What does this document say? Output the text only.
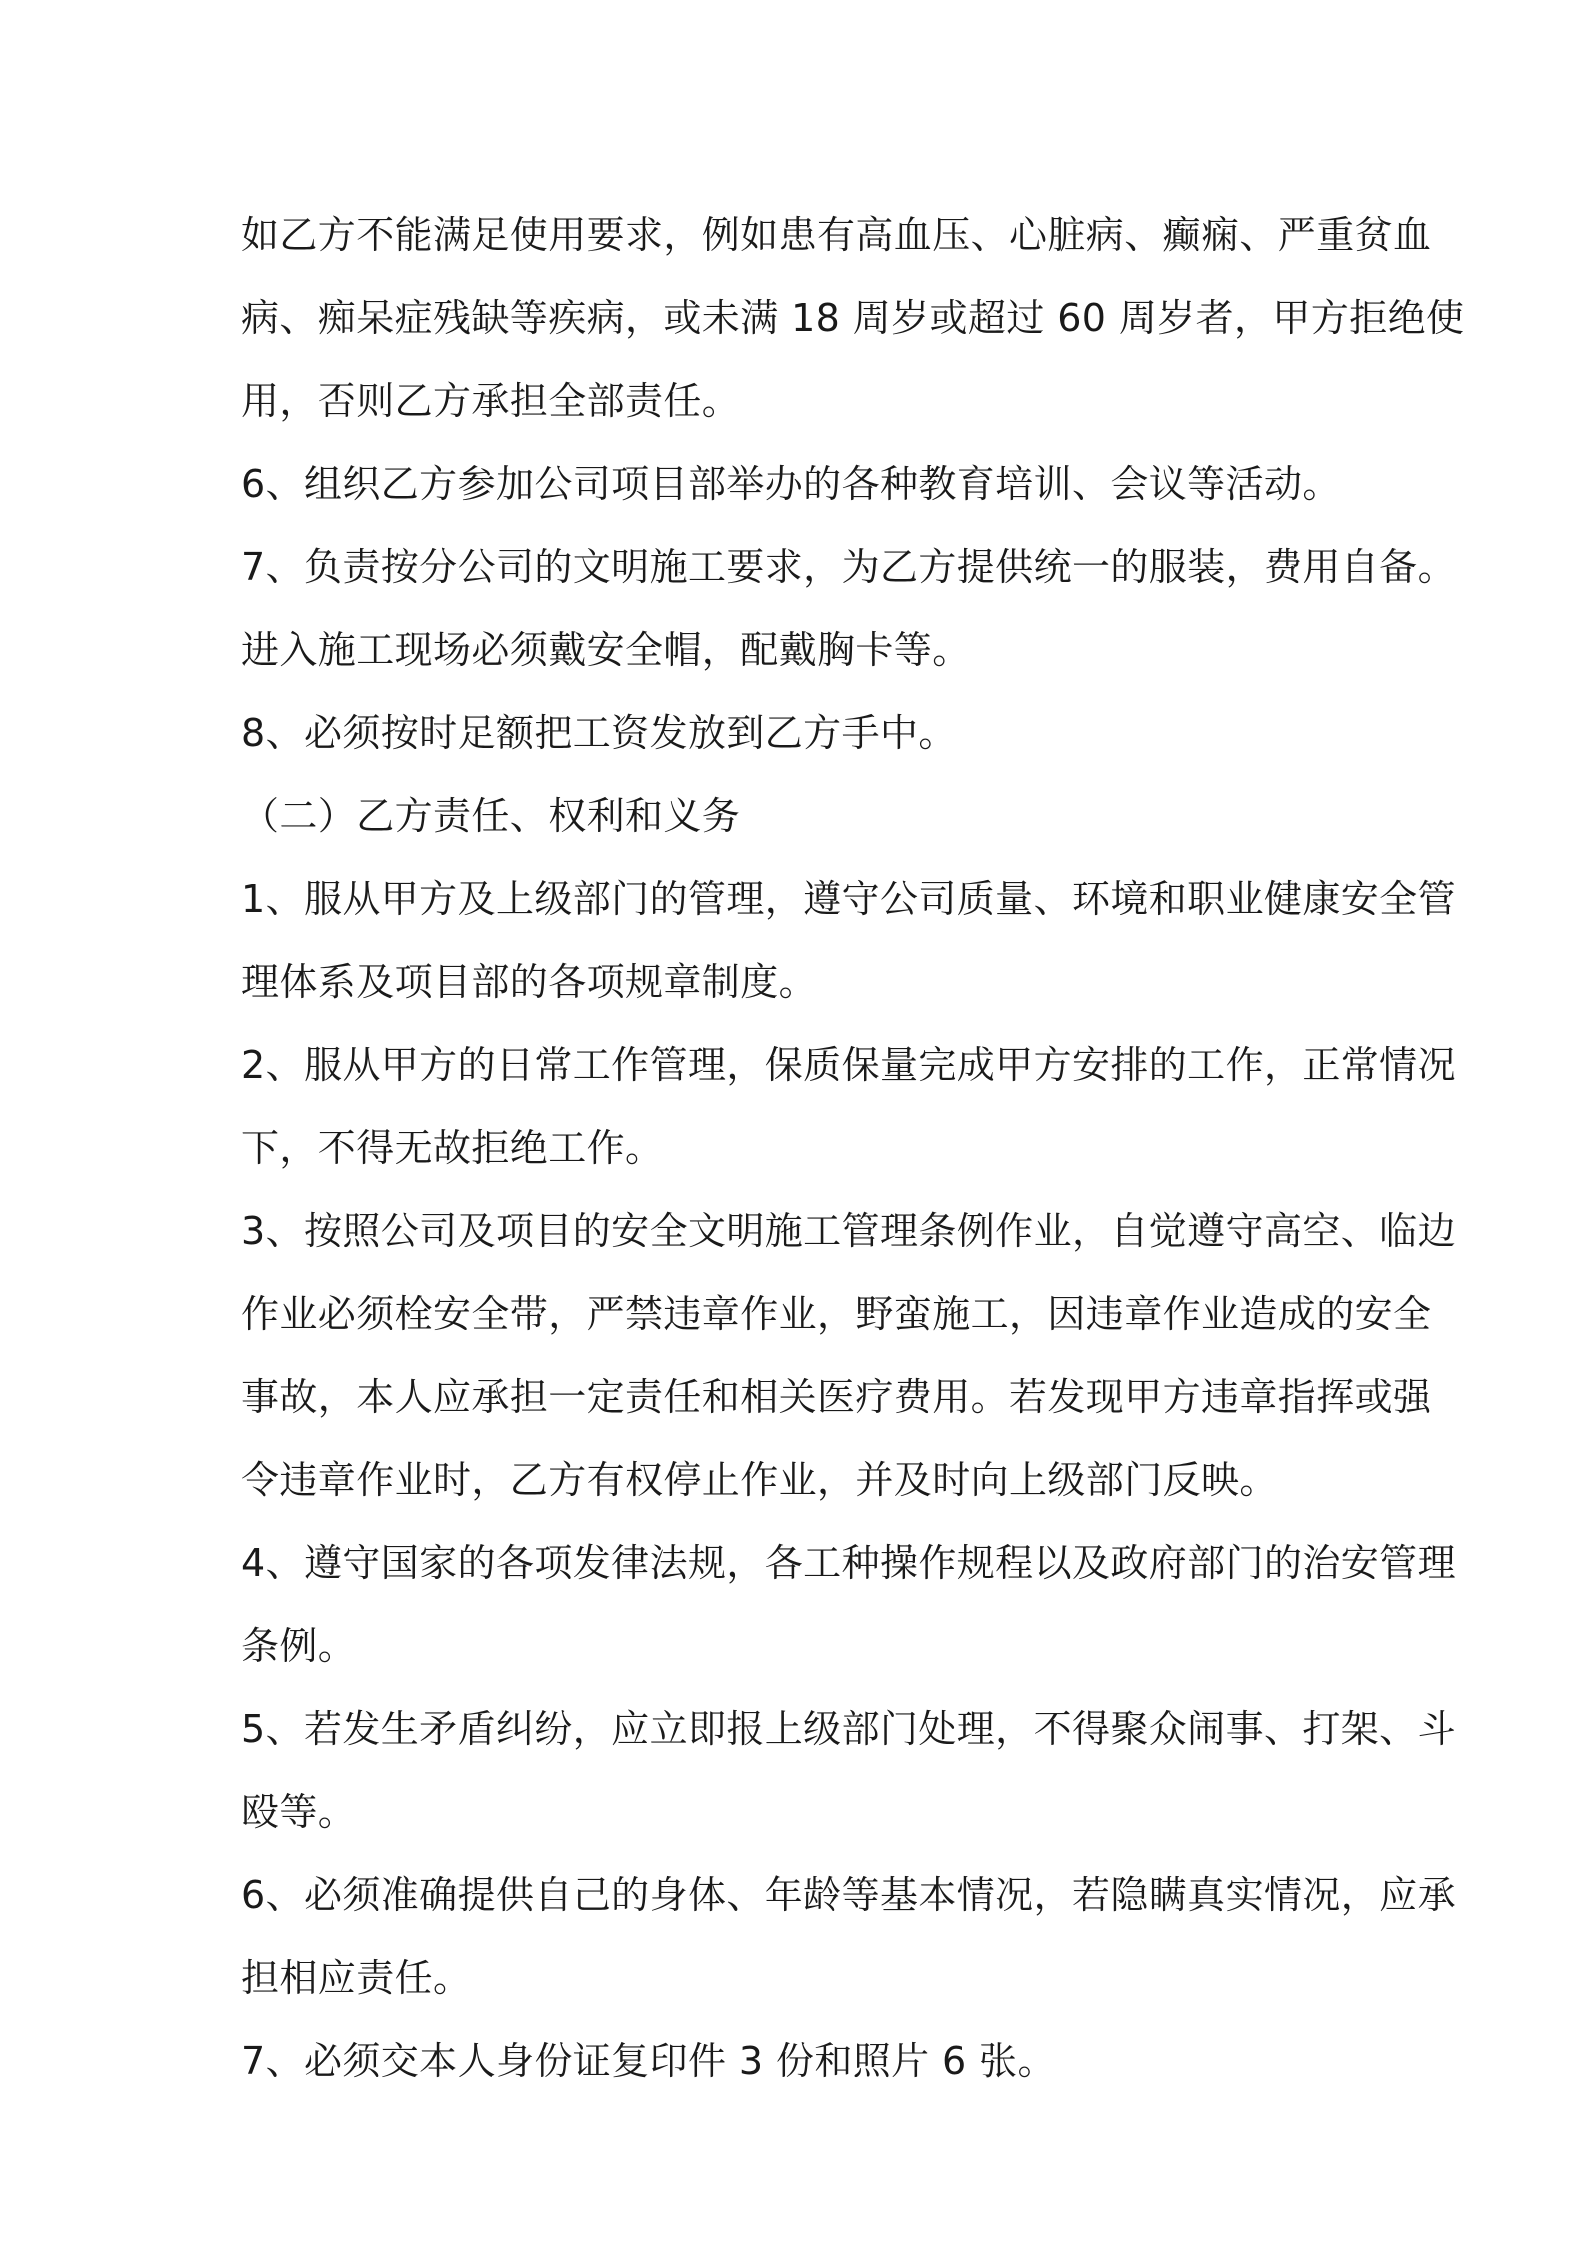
如乙方不能满足使用要求，例如患有高血压、心脏病、癫痫、严重贫血
病、痴呆症残缺等疾病，或未满 18 周岁或超过 60 周岁者，甲方拒绝使
用，否则乙方承担全部责任。
6、组织乙方参加公司项目部举办的各种教育培训、会议等活动。
7、负责按分公司的文明施工要求，为乙方提供统一的服装，费用自备。
进入施工现场必须戴安全帽，配戴胸卡等。
8、必须按时足额把工资发放到乙方手中。
（二）乙方责任、权利和义务
1、服从甲方及上级部门的管理，遵守公司质量、环境和职业健康安全管
理体系及项目部的各项规章制度。
2、服从甲方的日常工作管理，保质保量完成甲方安排的工作，正常情况
下，不得无故拒绝工作。
3、按照公司及项目的安全文明施工管理条例作业，自觉遵守高空、临边
作业必须栓安全带，严禁违章作业，野蛮施工，因违章作业造成的安全
事故，本人应承担一定责任和相关医疗费用。若发现甲方违章指挥或强
令违章作业时，乙方有权停止作业，并及时向上级部门反映。
4、遵守国家的各项发律法规，各工种操作规程以及政府部门的治安管理
条例。
5、若发生矛盾纠纷，应立即报上级部门处理，不得聚众闹事、打架、斗
殴等。
6、必须准确提供自己的身体、年龄等基本情况，若隐瞒真实情况，应承
担相应责任。
7、必须交本人身份证复印件 3 份和照片 6 张。
